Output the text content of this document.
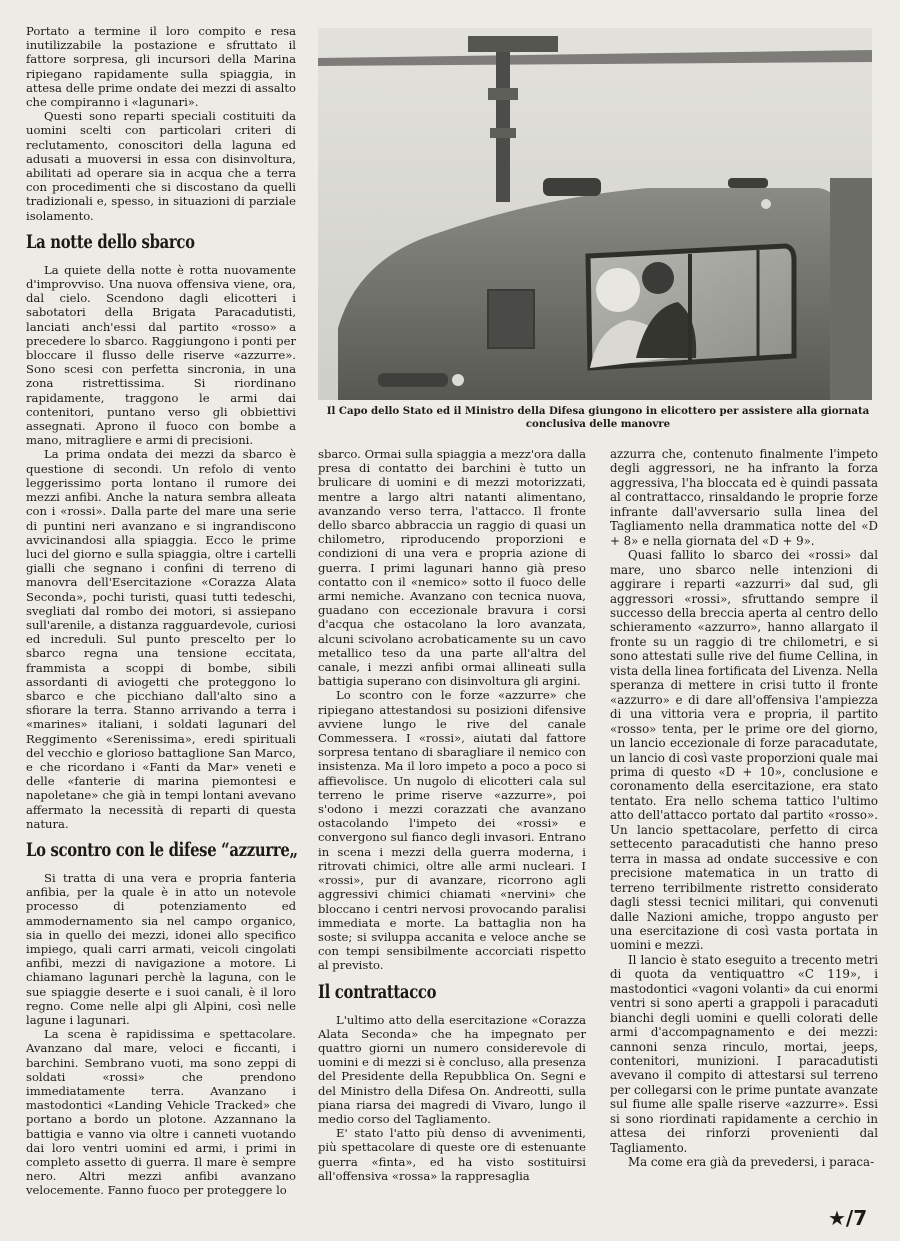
Portato a termine il loro compito e resa inutilizzabile la postazione e sfruttato il fattore sorpresa, gli incursori della Marina ripiegano rapidamente sulla spiaggia, in attesa delle prime ondate dei mezzi di assalto che compiranno i «lagunari».

Questi sono reparti speciali costituiti da uomini scelti con particolari criteri di reclutamento, conoscitori della laguna ed adusati a muoversi in essa con disinvoltura, abilitati ad operare sia in acqua che a terra con procedimenti che si discostano da quelli tradizionali e, spesso, in situazioni di parziale isolamento.

La notte dello sbarco

La quiete della notte è rotta nuovamente d'improvviso. Una nuova offensiva viene, ora, dal cielo. Scendono dagli elicotteri i sabotatori della Brigata Paracadutisti, lanciati anch'essi dal partito «rosso» a precedere lo sbarco. Raggiungono i ponti per bloccare il flusso delle riserve «azzurre». Sono scesi con perfetta sincronia, in una zona ristrettissima. Si riordinano rapidamente, traggono le armi dai contenitori, puntano verso gli obbiettivi assegnati. Aprono il fuoco con bombe a mano, mitragliere e armi di precisioni.

La prima ondata dei mezzi da sbarco è questione di secondi. Un refolo di vento leggerissimo porta lontano il rumore dei mezzi anfibi. Anche la natura sembra alleata con i «rossi». Dalla parte del mare una serie di puntini neri avanzano e si ingrandiscono avvicinandosi alla spiaggia. Ecco le prime luci del giorno e sulla spiaggia, oltre i cartelli gialli che segnano i confini di terreno di manovra dell'Esercitazione «Corazza Alata Seconda», pochi turisti, quasi tutti tedeschi, svegliati dal rombo dei motori, si assiepano sull'arenile, a distanza ragguardevole, curiosi ed increduli. Sul punto prescelto per lo sbarco regna una tensione eccitata, frammista a scoppi di bombe, sibili assordanti di aviogetti che proteggono lo sbarco e che picchiano dall'alto sino a sfiorare la terra. Stanno arrivando a terra i «marines» italiani, i soldati lagunari del Reggimento «Serenissima», eredi spirituali del vecchio e glorioso battaglione San Marco, e che ricordano i «Fanti da Mar» veneti e delle «fanterie di marina piemontesi e napoletane» che già in tempi lontani avevano affermato la necessità di reparti di questa natura.

Lo scontro con le difese “azzurre„

Si tratta di una vera e propria fanteria anfibia, per la quale è in atto un notevole processo di potenziamento ed ammodernamento sia nel campo organico, sia in quello dei mezzi, idonei allo specifico impiego, quali carri armati, veicoli cingolati anfibi, mezzi di navigazione a motore. Li chiamano lagunari perchè la laguna, con le sue spiaggie deserte e i suoi canali, è il loro regno. Come nelle alpi gli Alpini, così nelle lagune i lagunari.

La scena è rapidissima e spettacolare. Avanzano dal mare, veloci e ficcanti, i barchini. Sembrano vuoti, ma sono zeppi di soldati «rossi» che prendono immediatamente terra. Avanzano i mastodontici «Landing Vehicle Tracked» che portano a bordo un plotone. Azzannano la battigia e vanno via oltre i canneti vuotando dai loro ventri uomini ed armi, i primi in completo assetto di guerra. Il mare è sempre nero. Altri mezzi anfibi avanzano velocemente. Fanno fuoco per proteggere lo

Il Capo dello Stato ed il Ministro della Difesa giungono in elicottero per assistere alla giornata conclusiva delle manovre

sbarco. Ormai sulla spiaggia a mezz'ora dalla presa di contatto dei barchini è tutto un brulicare di uomini e di mezzi motorizzati, mentre a largo altri natanti alimentano, avanzando verso terra, l'attacco. Il fronte dello sbarco abbraccia un raggio di quasi un chilometro, riproducendo proporzioni e condizioni di una vera e propria azione di guerra. I primi lagunari hanno già preso contatto con il «nemico» sotto il fuoco delle armi nemiche. Avanzano con tecnica nuova, guadano con eccezionale bravura i corsi d'acqua che ostacolano la loro avanzata, alcuni scivolano acrobaticamente su un cavo metallico teso da una parte all'altra del canale, i mezzi anfibi ormai allineati sulla battigia superano con disinvoltura gli argini.

Lo scontro con le forze «azzurre» che ripiegano attestandosi su posizioni difensive avviene lungo le rive del canale Commessera. I «rossi», aiutati dal fattore sorpresa tentano di sbaragliare il nemico con insistenza. Ma il loro impeto a poco a poco si affievolisce. Un nugolo di elicotteri cala sul terreno le prime riserve «azzurre», poi s'odono i mezzi corazzati che avanzano ostacolando l'impeto dei «rossi» e convergono sul fianco degli invasori. Entrano in scena i mezzi della guerra moderna, i ritrovati chimici, oltre alle armi nucleari. I «rossi», pur di avanzare, ricorrono agli aggressivi chimici chiamati «nervini» che bloccano i centri nervosi provocando paralisi immediata e morte. La battaglia non ha soste; si sviluppa accanita e veloce anche se con tempi sensibilmente accorciati rispetto al previsto.

Il contrattacco

L'ultimo atto della esercitazione «Corazza Alata Seconda» che ha impegnato per quattro giorni un numero considerevole di uomini e di mezzi si è concluso, alla presenza del Presidente della Repubblica On. Segni e del Ministro della Difesa On. Andreotti, sulla piana riarsa dei magredi di Vivaro, lungo il medio corso del Tagliamento.

E' stato l'atto più denso di avvenimenti, più spettacolare di queste ore di estenuante guerra «finta», ed ha visto sostituirsi all'offensiva «rossa» la rappresaglia

azzurra che, contenuto finalmente l'impeto degli aggressori, ne ha infranto la forza aggressiva, l'ha bloccata ed è quindi passata al contrattacco, rinsaldando le proprie forze infrante dall'avversario sulla linea del Tagliamento nella drammatica notte del «D + 8» e nella giornata del «D + 9».

Quasi fallito lo sbarco dei «rossi» dal mare, uno sbarco nelle intenzioni di aggirare i reparti «azzurri» dal sud, gli aggressori «rossi», sfruttando sempre il successo della breccia aperta al centro dello schieramento «azzurro», hanno allargato il fronte su un raggio di tre chilometri, e si sono attestati sulle rive del fiume Cellina, in vista della linea fortificata del Livenza. Nella speranza di mettere in crisi tutto il fronte «azzurro» e di dare all'offensiva l'ampiezza di una vittoria vera e propria, il partito «rosso» tenta, per le prime ore del giorno, un lancio eccezionale di forze paracadutate, un lancio di così vaste proporzioni quale mai prima di questo «D + 10», conclusione e coronamento della esercitazione, era stato tentato. Era nello schema tattico l'ultimo atto dell'attacco portato dal partito «rosso». Un lancio spettacolare, perfetto di circa settecento paracadutisti che hanno preso terra in massa ad ondate successive e con precisione matematica in un tratto di terreno terribilmente ristretto considerato dagli stessi tecnici militari, qui convenuti dalle Nazioni amiche, troppo angusto per una esercitazione di così vasta portata in uomini e mezzi.

Il lancio è stato eseguito a trecento metri di quota da ventiquattro «C 119», i mastodontici «vagoni volanti» da cui enormi ventri si sono aperti a grappoli i paracaduti bianchi degli uomini e quelli colorati delle armi d'accompagnamento e dei mezzi: cannoni senza rinculo, mortai, jeeps, contenitori, munizioni. I paracadutisti avevano il compito di attestarsi sul terreno per collegarsi con le prime puntate avanzate sul fiume alle spalle riserve «azzurre». Essi si sono riordinati rapidamente a cerchio in attesa dei rinforzi provenienti dal Tagliamento.

Ma come era già da prevedersi, i paraca-

★/7
